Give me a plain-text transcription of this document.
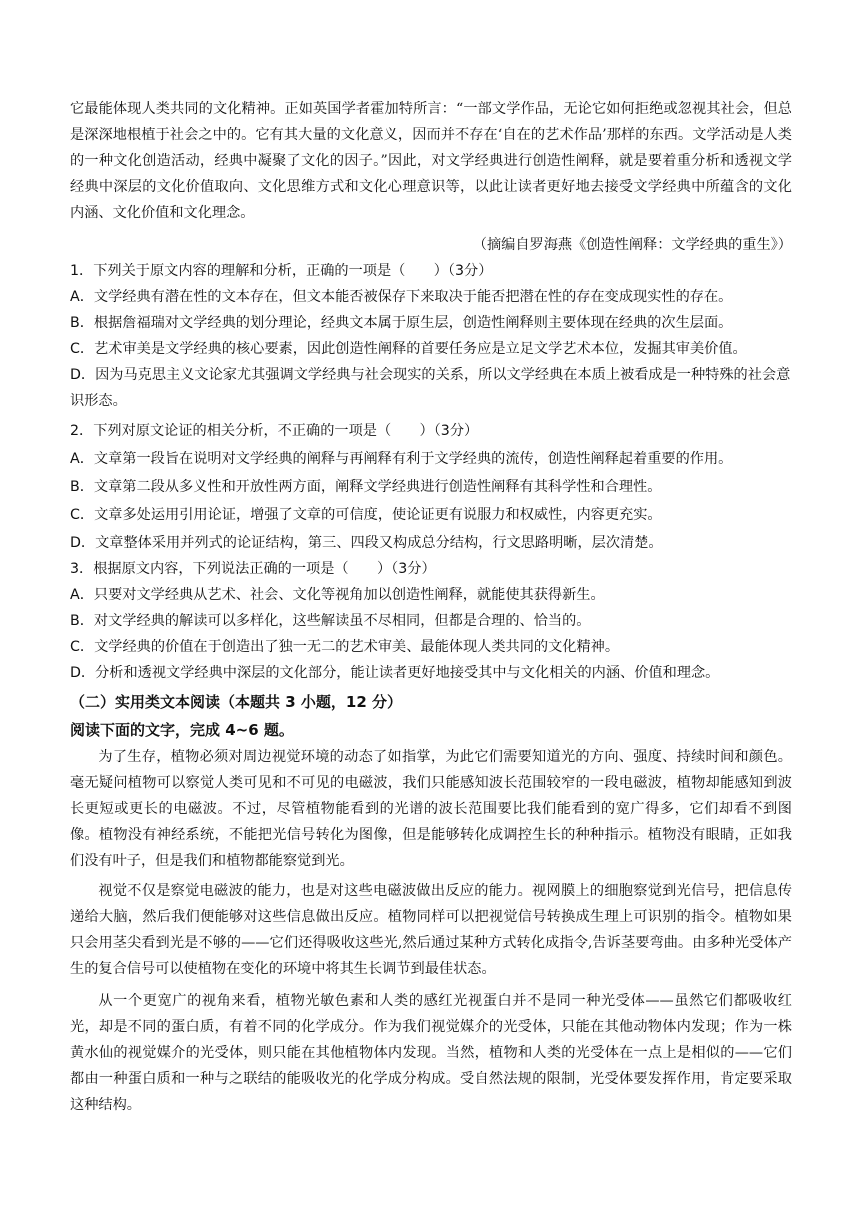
它最能体现人类共同的文化精神。正如英国学者霍加特所言：“一部文学作品，无论它如何拒绝或忽视其社会，但总是深深地根植于社会之中的。它有其大量的文化意义，因而并不存在‘自在的艺术作品’那样的东西。文学活动是人类的一种文化创造活动，经典中凝聚了文化的因子。”因此，对文学经典进行创造性阐释，就是要着重分析和透视文学经典中深层的文化价值取向、文化思维方式和文化心理意识等，以此让读者更好地去接受文学经典中所蕴含的文化内涵、文化价值和文化理念。

（摘编自罗海燕《创造性阐释：文学经典的重生》）

1．下列关于原文内容的理解和分析，正确的一项是（　　）（3分）

A．文学经典有潜在性的文本存在，但文本能否被保存下来取决于能否把潜在性的存在变成现实性的存在。

B．根据詹福瑞对文学经典的划分理论，经典文本属于原生层，创造性阐释则主要体现在经典的次生层面。

C．艺术审美是文学经典的核心要素，因此创造性阐释的首要任务应是立足文学艺术本位，发掘其审美价值。

D．因为马克思主义文论家尤其强调文学经典与社会现实的关系，所以文学经典在本质上被看成是一种特殊的社会意识形态。

2．下列对原文论证的相关分析，不正确的一项是（　　）（3分）

A．文章第一段旨在说明对文学经典的阐释与再阐释有利于文学经典的流传，创造性阐释起着重要的作用。

B．文章第二段从多义性和开放性两方面，阐释文学经典进行创造性阐释有其科学性和合理性。

C．文章多处运用引用论证，增强了文章的可信度，使论证更有说服力和权威性，内容更充实。

D．文章整体采用并列式的论证结构，第三、四段又构成总分结构，行文思路明晰，层次清楚。

3．根据原文内容，下列说法正确的一项是（　　）（3分）

A．只要对文学经典从艺术、社会、文化等视角加以创造性阐释，就能使其获得新生。

B．对文学经典的解读可以多样化，这些解读虽不尽相同，但都是合理的、恰当的。

C．文学经典的价值在于创造出了独一无二的艺术审美、最能体现人类共同的文化精神。

D．分析和透视文学经典中深层的文化部分，能让读者更好地接受其中与文化相关的内涵、价值和理念。

（二）实用类文本阅读（本题共 3 小题，12 分）

阅读下面的文字，完成 4~6 题。

为了生存，植物必须对周边视觉环境的动态了如指掌，为此它们需要知道光的方向、强度、持续时间和颜色。毫无疑问植物可以察觉人类可见和不可见的电磁波，我们只能感知波长范围较窄的一段电磁波，植物却能感知到波长更短或更长的电磁波。不过，尽管植物能看到的光谱的波长范围要比我们能看到的宽广得多，它们却看不到图像。植物没有神经系统，不能把光信号转化为图像，但是能够转化成调控生长的种种指示。植物没有眼睛，正如我们没有叶子，但是我们和植物都能察觉到光。

视觉不仅是察觉电磁波的能力，也是对这些电磁波做出反应的能力。视网膜上的细胞察觉到光信号，把信息传递给大脑，然后我们便能够对这些信息做出反应。植物同样可以把视觉信号转换成生理上可识别的指令。植物如果只会用茎尖看到光是不够的——它们还得吸收这些光,然后通过某种方式转化成指令,告诉茎要弯曲。由多种光受体产生的复合信号可以使植物在变化的环境中将其生长调节到最佳状态。

从一个更宽广的视角来看，植物光敏色素和人类的感红光视蛋白并不是同一种光受体——虽然它们都吸收红光，却是不同的蛋白质，有着不同的化学成分。作为我们视觉媒介的光受体，只能在其他动物体内发现；作为一株黄水仙的视觉媒介的光受体，则只能在其他植物体内发现。当然，植物和人类的光受体在一点上是相似的——它们都由一种蛋白质和一种与之联结的能吸收光的化学成分构成。受自然法规的限制，光受体要发挥作用，肯定要采取这种结构。
